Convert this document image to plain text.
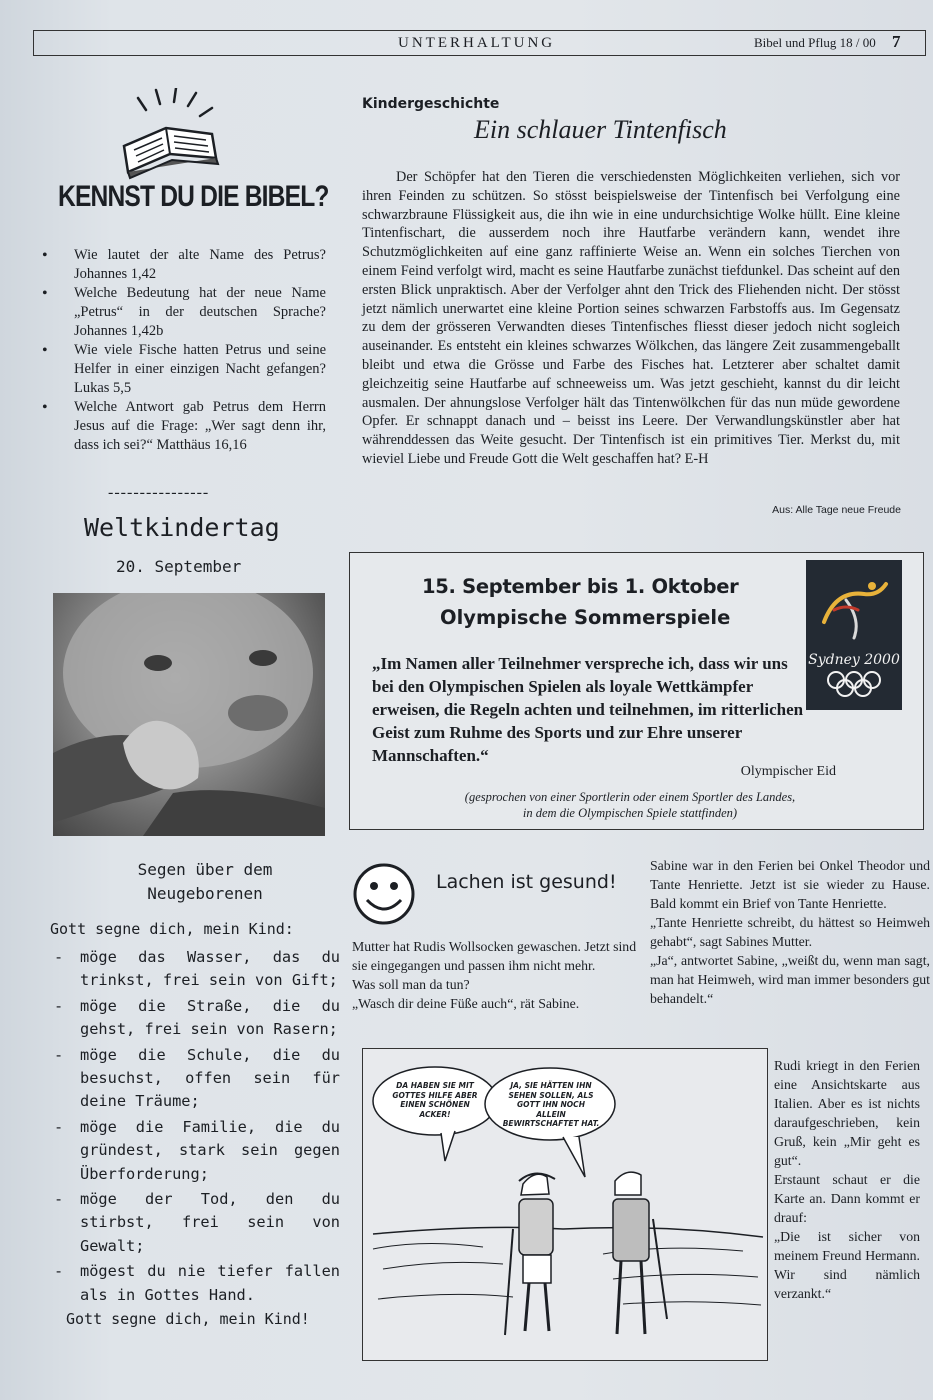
UNTERHALTUNG	Bibel und Pflug 18 / 00 7
KENNST DU DIE BIBEL?
• Wie lautet der alte Name des Petrus? Johannes 1,42
• Welche Bedeutung hat der neue Name „Petrus“ in der deutschen Sprache? Johannes 1,42b
• Wie viele Fische hatten Petrus und seine Helfer in einer einzigen Nacht gefangen? Lukas 5,5
• Welche Antwort gab Petrus dem Herrn Jesus auf die Frage: „Wer sagt denn ihr, dass ich sei?“ Matthäus 16,16
----------------
Weltkindertag
20. September
Segen über dem
Neugeborenen
Gott segne dich, mein Kind:
- möge das Wasser, das du trinkst, frei sein von Gift;
- möge die Straße, die du gehst, frei sein von Rasern;
- möge die Schule, die du besuchst, offen sein für deine Träume;
- möge die Familie, die du gründest, stark sein gegen Überforderung;
- möge der Tod, den du stirbst, frei sein von Gewalt;
- mögest du nie tiefer fallen als in Gottes Hand.
Gott segne dich, mein Kind!
Kindergeschichte
Ein schlauer Tintenfisch
Der Schöpfer hat den Tieren die verschiedensten Möglichkeiten verliehen, sich vor ihren Feinden zu schützen. So stösst beispielsweise der Tintenfisch bei Verfolgung eine schwarzbraune Flüssigkeit aus, die ihn wie in eine undurchsichtige Wolke hüllt. Eine kleine Tintenfischart, die ausserdem noch ihre Hautfarbe verändern kann, wendet ihre Schutzmöglichkeiten auf eine ganz raffinierte Weise an. Wenn ein solches Tierchen von einem Feind verfolgt wird, macht es seine Hautfarbe zunächst tiefdunkel. Das scheint auf den ersten Blick unpraktisch. Aber der Verfolger ahnt den Trick des Fliehenden nicht. Der stösst jetzt nämlich unerwartet eine kleine Portion seines schwarzen Farbstoffs aus. Im Gegensatz zu dem der grösseren Verwandten dieses Tintenfisches fliesst dieser jedoch nicht sogleich auseinander. Es entsteht ein kleines schwarzes Wölkchen, das längere Zeit zusammengeballt bleibt und etwa die Grösse und Farbe des Fisches hat. Letzterer aber schaltet damit gleichzeitig seine Hautfarbe auf schneeweiss um. Was jetzt geschieht, kannst du dir leicht ausmalen. Der ahnungslose Verfolger hält das Tintenwölkchen für das nun müde gewordene Opfer. Er schnappt danach und – beisst ins Leere. Der Verwandlungskünstler aber hat währenddessen das Weite gesucht. Der Tintenfisch ist ein primitives Tier. Merkst du, mit wieviel Liebe und Freude Gott die Welt geschaffen hat? E-H
Aus: Alle Tage neue Freude
15. September bis 1. Oktober
Olympische Sommerspiele
„Im Namen aller Teilnehmer verspreche ich, dass wir uns bei den Olympischen Spielen als loyale Wettkämpfer erweisen, die Regeln achten und teilnehmen, im ritterlichen Geist zum Ruhme des Sports und zur Ehre unserer Mannschaften.“
Olympischer Eid
(gesprochen von einer Sportlerin oder einem Sportler des Landes,
in dem die Olympischen Spiele stattfinden)
Sydney 2000
Lachen ist gesund!
Mutter hat Rudis Wollsocken gewaschen. Jetzt sind sie eingegangen und passen ihm nicht mehr.
Was soll man da tun?
„Wasch dir deine Füße auch“, rät Sabine.
Sabine war in den Ferien bei Onkel Theodor und Tante Henriette. Jetzt ist sie wieder zu Hause. Bald kommt ein Brief von Tante Henriette.
„Tante Henriette schreibt, du hättest so Heimweh gehabt“, sagt Sabines Mutter.
„Ja“, antwortet Sabine, „weißt du, wenn man sagt, man hat Heimweh, wird man immer besonders gut behandelt.“
DA HABEN SIE MIT GOTTES HILFE ABER EINEN SCHÖNEN ACKER!
JA, SIE HÄTTEN IHN SEHEN SOLLEN, ALS GOTT IHN NOCH ALLEIN BEWIRTSCHAFTET HAT.
Rudi kriegt in den Ferien eine Ansichtskarte aus Italien. Aber es ist nichts daraufgeschrieben, kein Gruß, kein „Mir geht es gut“.
Erstaunt schaut er die Karte an. Dann kommt er drauf:
„Die ist sicher von meinem Freund Hermann. Wir sind nämlich verzankt.“
